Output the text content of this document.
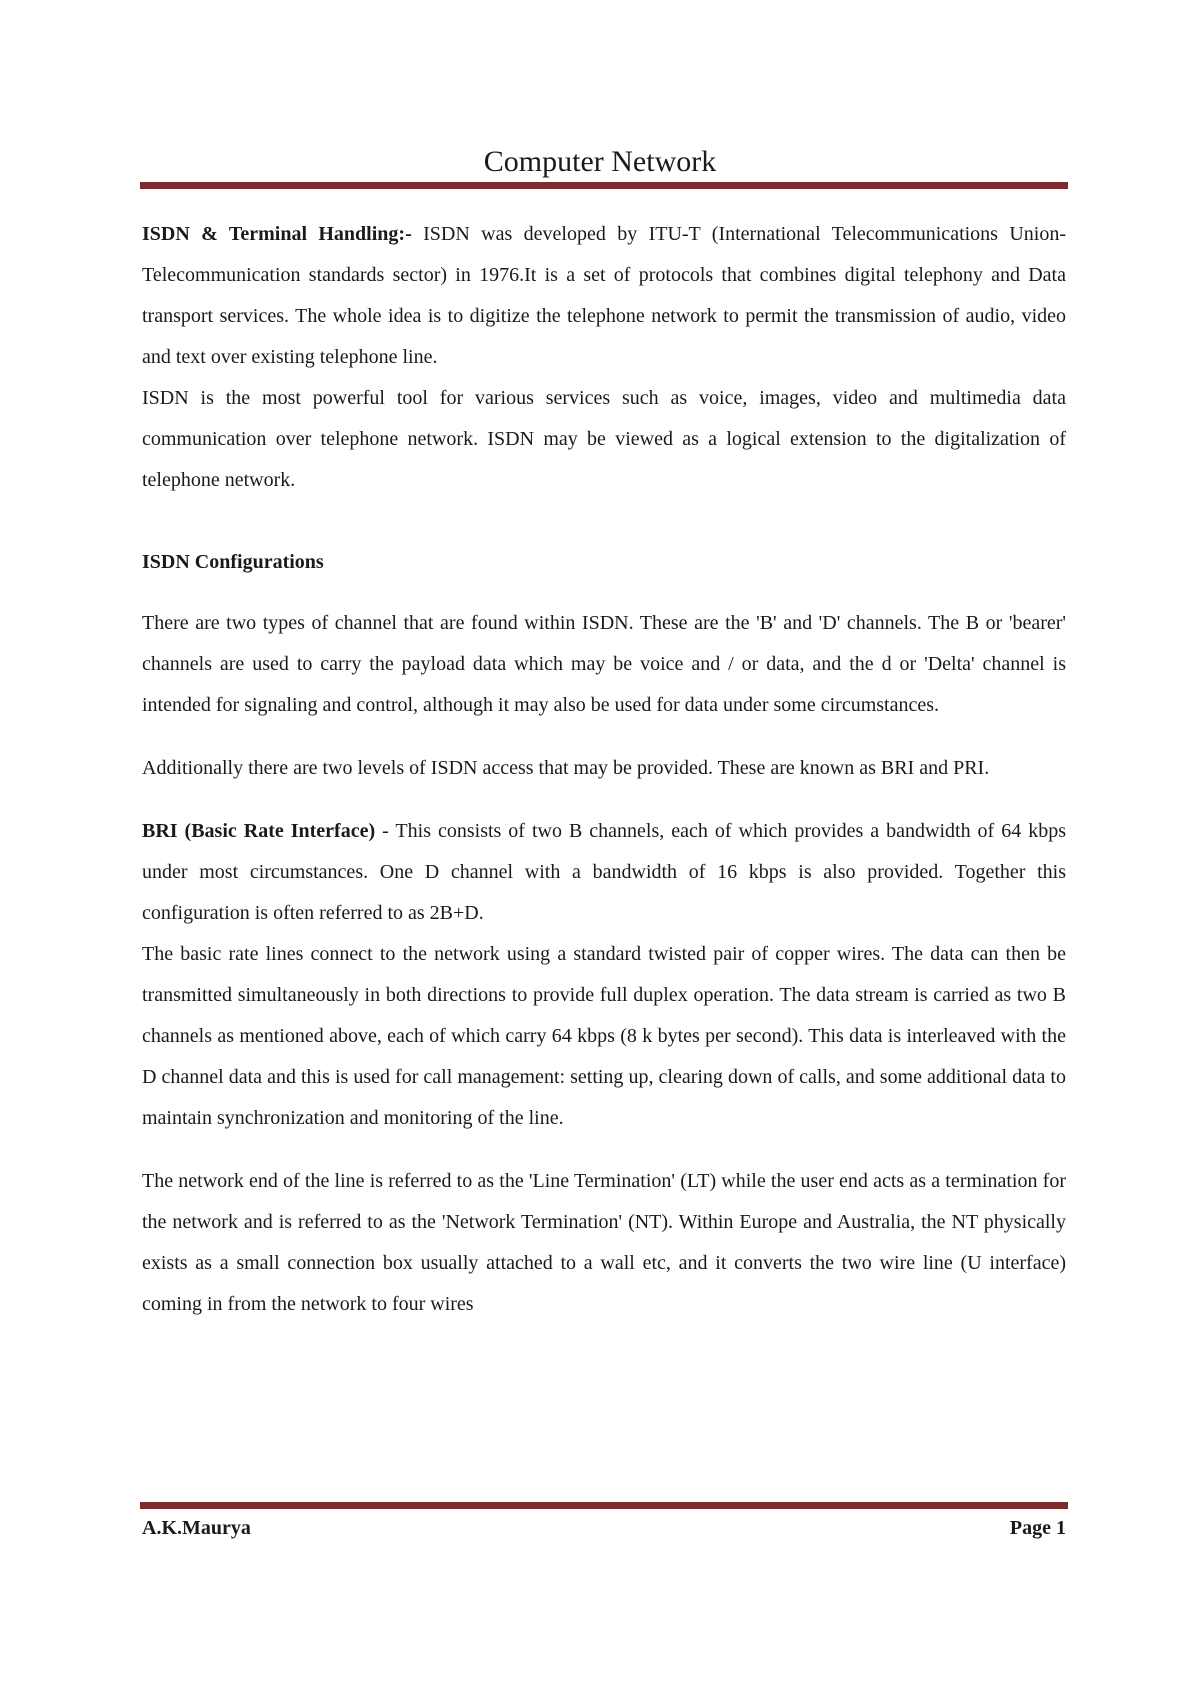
Computer Network

ISDN & Terminal Handling:- ISDN was developed by ITU-T (International Telecommunications Union-Telecommunication standards sector) in 1976.It is a set of protocols that combines digital telephony and Data transport services. The whole idea is to digitize the telephone network to permit the transmission of audio, video and text over existing telephone line.

ISDN is the most powerful tool for various services such as voice, images, video and multimedia data communication over telephone network. ISDN may be viewed as a logical extension to the digitalization of telephone network.

ISDN Configurations

There are two types of channel that are found within ISDN. These are the 'B' and 'D' channels. The B or 'bearer' channels are used to carry the payload data which may be voice and / or data, and the d or 'Delta' channel is intended for signaling and control, although it may also be used for data under some circumstances.

Additionally there are two levels of ISDN access that may be provided. These are known as BRI and PRI.

BRI (Basic Rate Interface) - This consists of two B channels, each of which provides a bandwidth of 64 kbps under most circumstances. One D channel with a bandwidth of 16 kbps is also provided. Together this configuration is often referred to as 2B+D.

The basic rate lines connect to the network using a standard twisted pair of copper wires. The data can then be transmitted simultaneously in both directions to provide full duplex operation. The data stream is carried as two B channels as mentioned above, each of which carry 64 kbps (8 k bytes per second). This data is interleaved with the D channel data and this is used for call management: setting up, clearing down of calls, and some additional data to maintain synchronization and monitoring of the line.

The network end of the line is referred to as the 'Line Termination' (LT) while the user end acts as a termination for the network and is referred to as the 'Network Termination' (NT). Within Europe and Australia, the NT physically exists as a small connection box usually attached to a wall etc, and it converts the two wire line (U interface) coming in from the network to four wires

A.K.Maurya	Page 1
